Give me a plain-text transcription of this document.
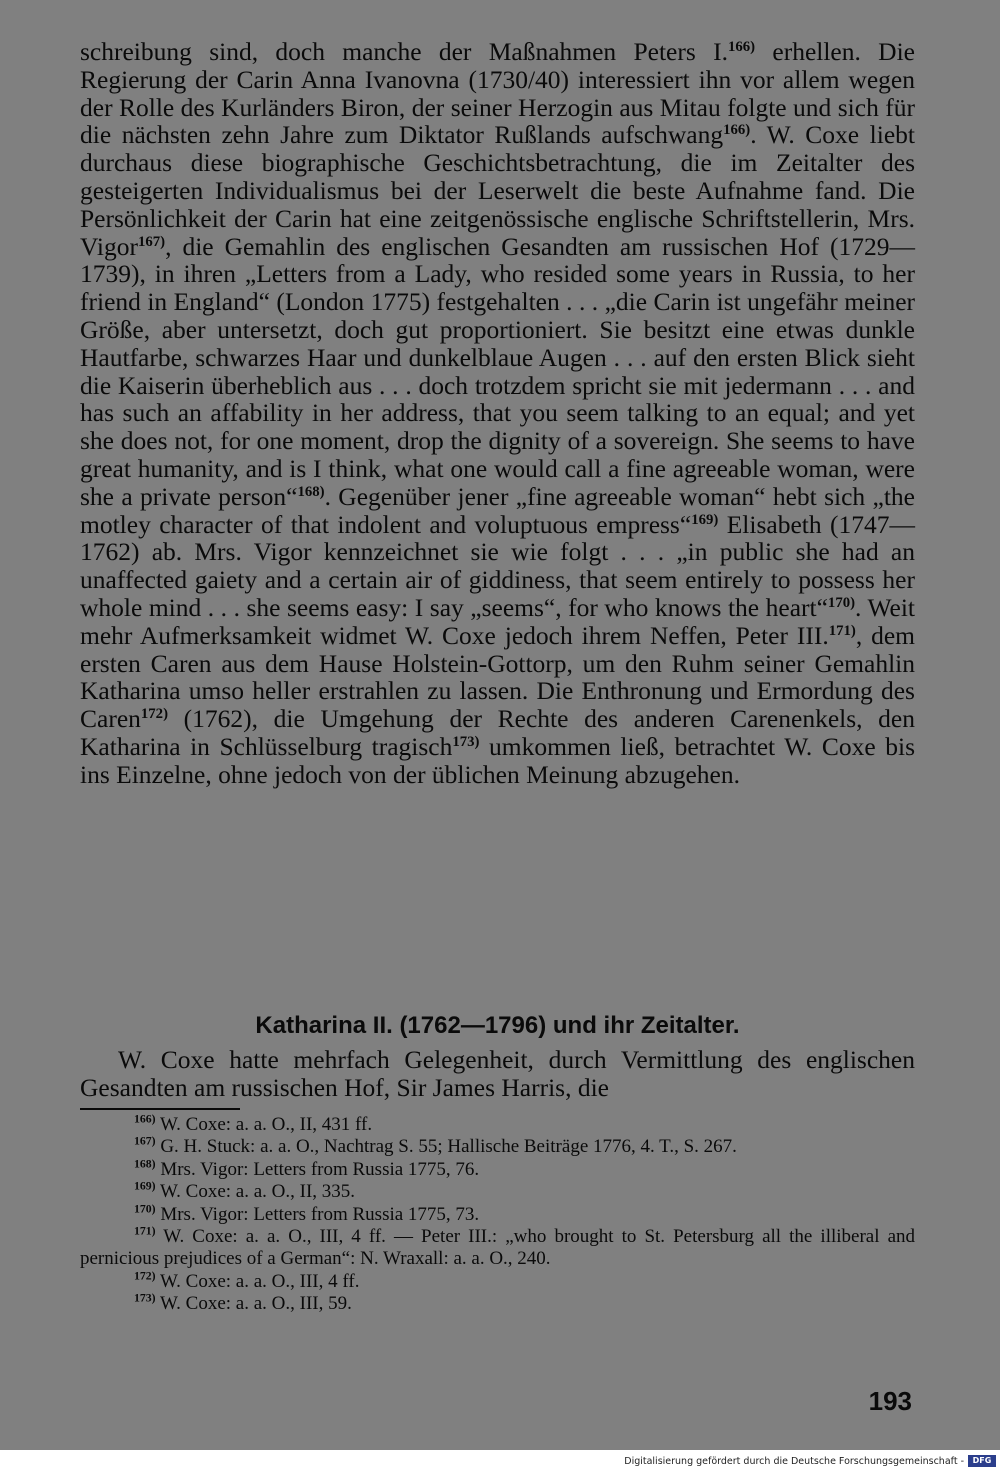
schreibung sind, doch manche der Maßnahmen Peters I.$^{166)}$ erhellen. Die Regierung der Carin Anna Ivanovna (1730/40) interessiert ihn vor allem wegen der Rolle des Kurländers Biron, der seiner Herzogin aus Mitau folgte und sich für die nächsten zehn Jahre zum Diktator Rußlands aufschwang$^{166)}$. W. Coxe liebt durchaus diese biographische Geschichtsbetrachtung, die im Zeitalter des gesteigerten Individualismus bei der Leserwelt die beste Aufnahme fand. Die Persönlichkeit der Carin hat eine zeitgenössische englische Schriftstellerin, Mrs. Vigor$^{167)}$, die Gemahlin des englischen Gesandten am russischen Hof (1729—1739), in ihren „Letters from a Lady, who resided some years in Russia, to her friend in England“ (London 1775) festgehalten . . . „die Carin ist ungefähr meiner Größe, aber untersetzt, doch gut proportioniert. Sie besitzt eine etwas dunkle Hautfarbe, schwarzes Haar und dunkelblaue Augen . . . auf den ersten Blick sieht die Kaiserin überheblich aus . . . doch trotzdem spricht sie mit jedermann . . . and has such an affability in her address, that you seem talking to an equal; and yet she does not, for one moment, drop the dignity of a sovereign. She seems to have great humanity, and is I think, what one would call a fine agreeable woman, were she a private person“$^{168)}$. Gegenüber jener „fine agreeable woman“ hebt sich „the motley character of that indolent and voluptuous empress“$^{169)}$ Elisabeth (1747—1762) ab. Mrs. Vigor kennzeichnet sie wie folgt . . . „in public she had an unaffected gaiety and a certain air of giddiness, that seem entirely to possess her whole mind . . . she seems easy: I say „seems“, for who knows the heart“$^{170)}$. Weit mehr Aufmerksamkeit widmet W. Coxe jedoch ihrem Neffen, Peter III.$^{171)}$, dem ersten Caren aus dem Hause Holstein-Gottorp, um den Ruhm seiner Gemahlin Katharina umso heller erstrahlen zu lassen. Die Enthronung und Ermordung des Caren$^{172)}$ (1762), die Umgehung der Rechte des anderen Carenenkels, den Katharina in Schlüsselburg tragisch$^{173)}$ umkommen ließ, betrachtet W. Coxe bis ins Einzelne, ohne jedoch von der üblichen Meinung abzugehen.

Katharina II. (1762—1796) und ihr Zeitalter.
W. Coxe hatte mehrfach Gelegenheit, durch Vermittlung des englischen Gesandten am russischen Hof, Sir James Harris, die

$^{166)}$ W. Coxe: a. a. O., II, 431 ff.

$^{167)}$ G. H. Stuck: a. a. O., Nachtrag S. 55; Hallische Beiträge 1776, 4. T., S. 267.

$^{168)}$ Mrs. Vigor: Letters from Russia 1775, 76.

$^{169)}$ W. Coxe: a. a. O., II, 335.

$^{170)}$ Mrs. Vigor: Letters from Russia 1775, 73.

$^{171)}$ W. Coxe: a. a. O., III, 4 ff. — Peter III.: „who brought to St. Petersburg all the illiberal and pernicious prejudices of a German“: N. Wraxall: a. a. O., 240.

$^{172)}$ W. Coxe: a. a. O., III, 4 ff.

$^{173)}$ W. Coxe: a. a. O., III, 59.

193
Digitalisierung gefördert durch die Deutsche Forschungsgemeinschaft -	DFG
